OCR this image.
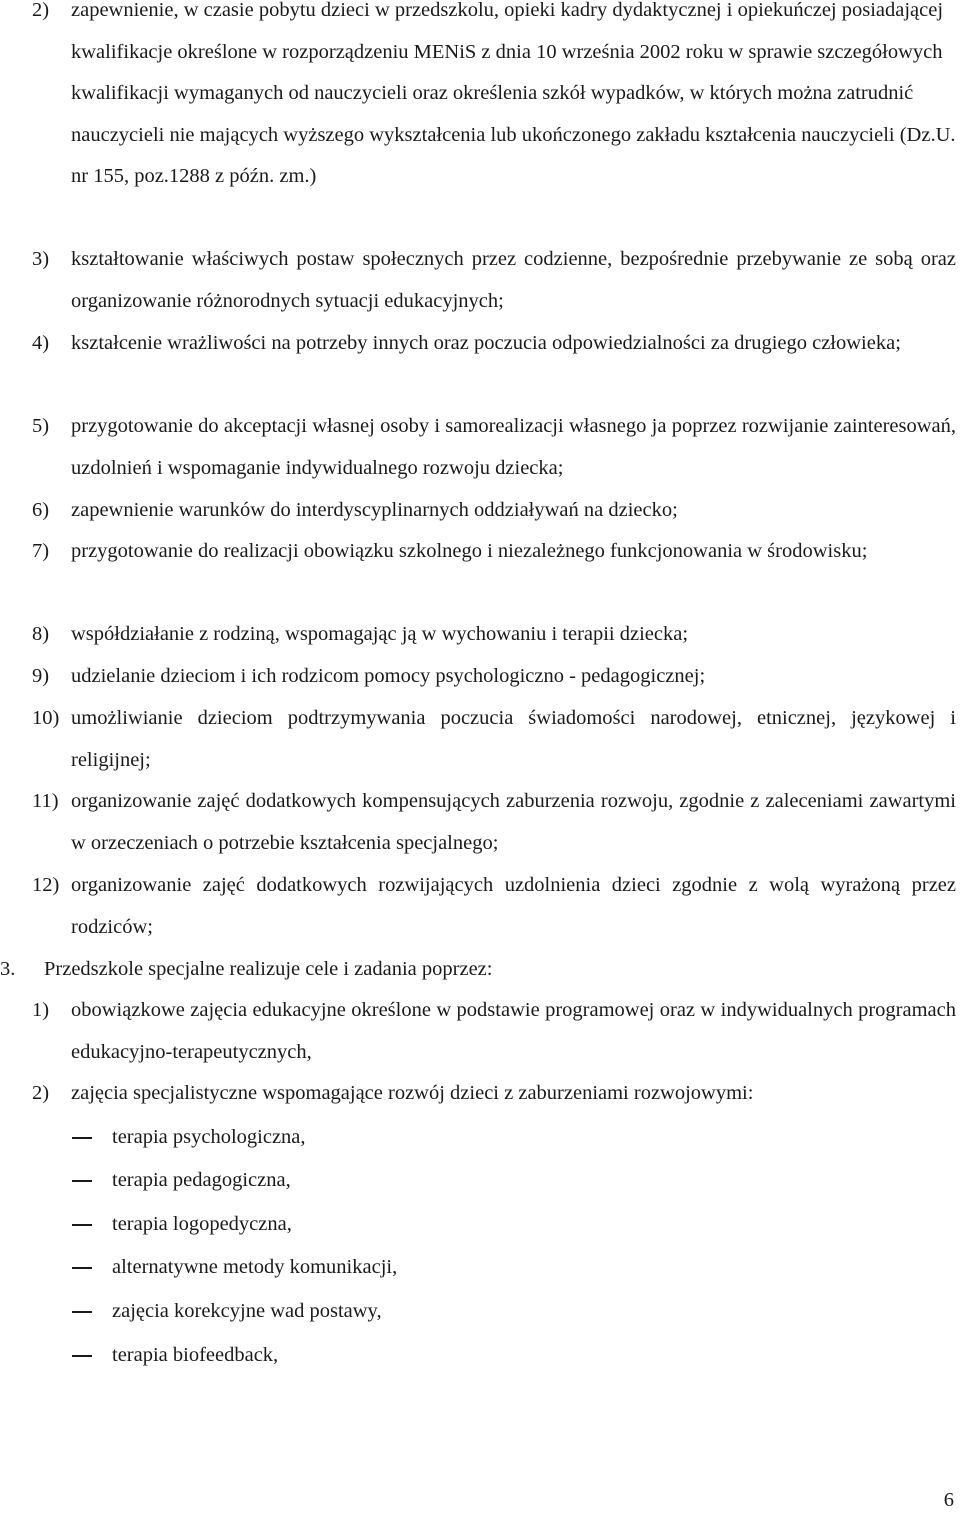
2)	zapewnienie, w czasie pobytu dzieci w przedszkolu, opieki kadry dydaktycznej i opiekuńczej posiadającej kwalifikacje określone w rozporządzeniu MENiS z dnia 10 września 2002 roku w sprawie szczegółowych kwalifikacji wymaganych od nauczycieli oraz określenia szkół wypadków, w których można zatrudnić nauczycieli nie mających wyższego wykształcenia lub ukończonego zakładu kształcenia nauczycieli (Dz.U. nr 155, poz.1288 z późn. zm.)
3)	kształtowanie właściwych postaw społecznych przez codzienne, bezpośrednie przebywanie ze sobą oraz organizowanie różnorodnych sytuacji edukacyjnych;
4)	kształcenie wrażliwości na potrzeby innych oraz poczucia odpowiedzialności za drugiego człowieka;
5)	przygotowanie do akceptacji własnej osoby i samorealizacji własnego ja poprzez rozwijanie zainteresowań, uzdolnień i wspomaganie indywidualnego rozwoju dziecka;
6)	zapewnienie warunków do interdyscyplinarnych oddziaływań na dziecko;
7)	przygotowanie do realizacji obowiązku szkolnego i niezależnego funkcjonowania w środowisku;
8)	współdziałanie z rodziną, wspomagając ją w wychowaniu i terapii dziecka;
9)	udzielanie dzieciom i ich rodzicom pomocy psychologiczno - pedagogicznej;
10) umożliwianie dzieciom podtrzymywania poczucia świadomości narodowej, etnicznej, językowej i religijnej;
11) organizowanie zajęć dodatkowych kompensujących zaburzenia rozwoju, zgodnie z zaleceniami zawartymi w orzeczeniach o potrzebie kształcenia specjalnego;
12) organizowanie zajęć dodatkowych rozwijających uzdolnienia dzieci zgodnie z wolą wyrażoną przez rodziców;
3. Przedszkole specjalne realizuje cele i zadania poprzez:
1)	obowiązkowe zajęcia edukacyjne określone w podstawie programowej oraz w indywidualnych programach edukacyjno-terapeutycznych,
2)	zajęcia specjalistyczne wspomagające rozwój dzieci z zaburzeniami rozwojowymi:
terapia psychologiczna,
terapia pedagogiczna,
terapia logopedyczna,
alternatywne metody komunikacji,
zajęcia korekcyjne wad postawy,
terapia biofeedback,
6
